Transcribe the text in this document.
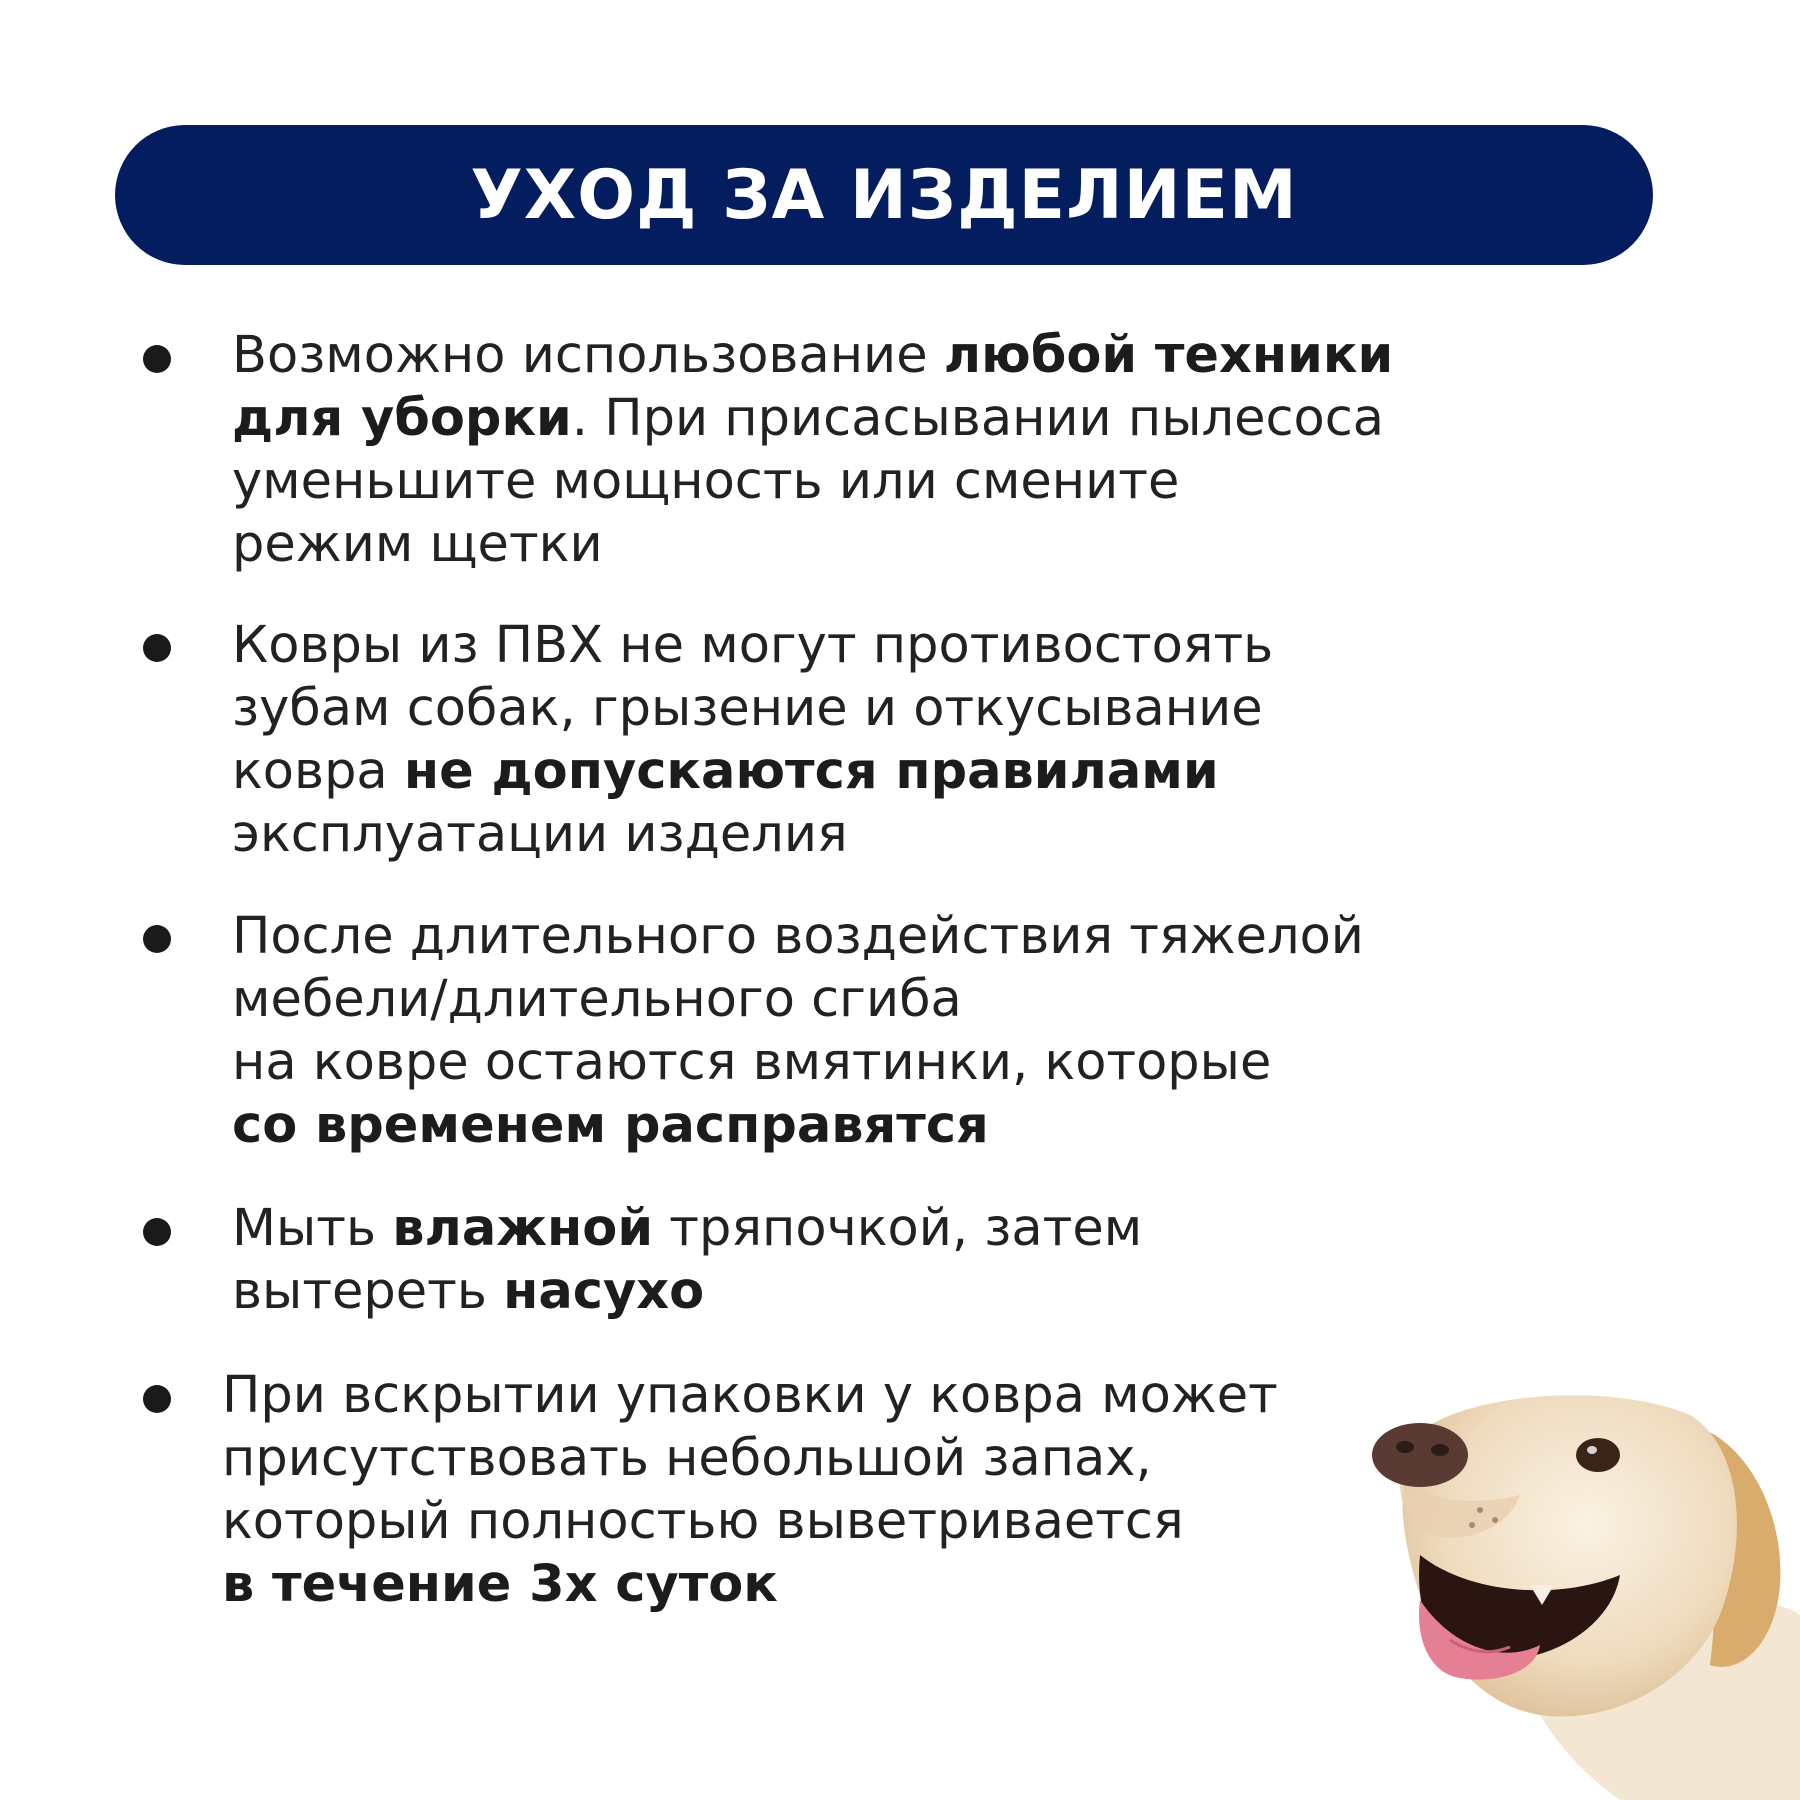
УХОД ЗА ИЗДЕЛИЕМ
Возможно использование любой техники
для уборки. При присасывании пылесоса
уменьшите мощность или смените
режим щетки
Ковры из ПВХ не могут противостоять
зубам собак, грызение и откусывание
ковра не допускаются правилами
эксплуатации изделия
После длительного воздействия тяжелой
мебели/длительного сгиба
на ковре остаются вмятинки, которые
со временем расправятся
Мыть влажной тряпочкой, затем
вытереть насухо
При вскрытии упаковки у ковра может
присутствовать небольшой запах,
который полностью выветривается
в течение 3х суток
